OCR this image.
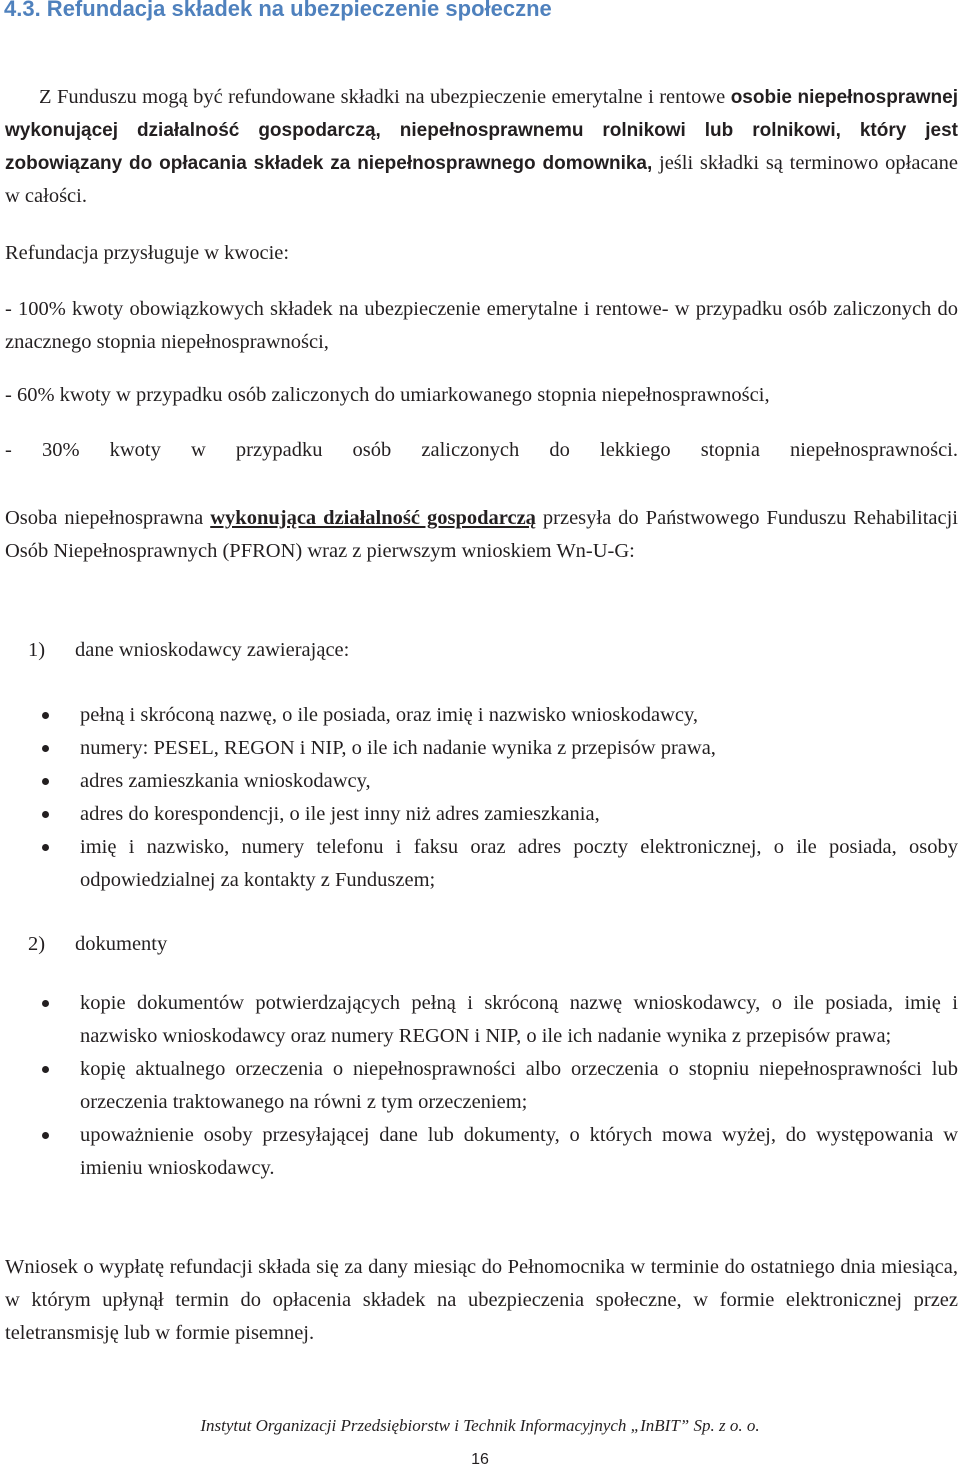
4.3. Refundacja składek na ubezpieczenie społeczne

Z Funduszu mogą być refundowane składki na ubezpieczenie emerytalne i rentowe osobie niepełnosprawnej wykonującej działalność gospodarczą, niepełnosprawnemu rolnikowi lub rolnikowi, który jest zobowiązany do opłacania składek za niepełnosprawnego domownika, jeśli składki są terminowo opłacane w całości.

Refundacja przysługuje w kwocie:

- 100% kwoty obowiązkowych składek na ubezpieczenie emerytalne i rentowe- w przypadku osób zaliczonych do znacznego stopnia niepełnosprawności,

- 60% kwoty w przypadku osób zaliczonych do umiarkowanego stopnia niepełnosprawności,

- 30% kwoty w przypadku osób zaliczonych do lekkiego stopnia niepełnosprawności.

Osoba niepełnosprawna wykonująca działalność gospodarczą przesyła do Państwowego Funduszu Rehabilitacji Osób Niepełnosprawnych (PFRON) wraz z pierwszym wnioskiem Wn-U-G:

1) dane wnioskodawcy zawierające:

pełną i skróconą nazwę, o ile posiada, oraz imię i nazwisko wnioskodawcy,
numery: PESEL, REGON i NIP, o ile ich nadanie wynika z przepisów prawa,
adres zamieszkania wnioskodawcy,
adres do korespondencji, o ile jest inny niż adres zamieszkania,
imię i nazwisko, numery telefonu i faksu oraz adres poczty elektronicznej, o ile posiada, osoby odpowiedzialnej za kontakty z Funduszem;

2) dokumenty

kopie dokumentów potwierdzających pełną i skróconą nazwę wnioskodawcy, o ile posiada, imię i nazwisko wnioskodawcy oraz numery REGON i NIP, o ile ich nadanie wynika z przepisów prawa;
kopię aktualnego orzeczenia o niepełnosprawności albo orzeczenia o stopniu niepełnosprawności lub orzeczenia traktowanego na równi z tym orzeczeniem;
upoważnienie osoby przesyłającej dane lub dokumenty, o których mowa wyżej, do występowania w imieniu wnioskodawcy.

Wniosek o wypłatę refundacji składa się za dany miesiąc do Pełnomocnika w terminie do ostatniego dnia miesiąca, w którym upłynął termin do opłacenia składek na ubezpieczenia społeczne, w formie elektronicznej przez teletransmisję lub w formie pisemnej.

Instytut Organizacji Przedsiębiorstw i Technik Informacyjnych „InBIT” Sp. z o. o.
16
